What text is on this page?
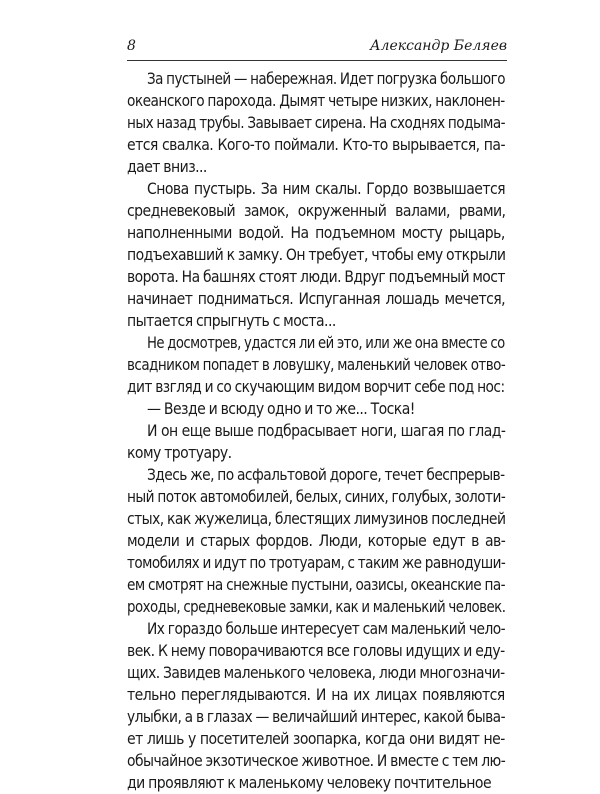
8	Александр Беляев
За пустыней — набережная. Идет погрузка большого
океанского парохода. Дымят четыре низких, наклонен-
ных назад трубы. Завывает сирена. На сходнях подыма-
ется свалка. Кого-то поймали. Кто-то вырывается, па-
дает вниз...
Снова пустырь. За ним скалы. Гордо возвышается
средневековый замок, окруженный валами, рвами,
наполненными водой. На подъемном мосту рыцарь,
подъехавший к замку. Он требует, чтобы ему открыли
ворота. На башнях стоят люди. Вдруг подъемный мост
начинает подниматься. Испуганная лошадь мечется,
пытается спрыгнуть с моста...
Не досмотрев, удастся ли ей это, или же она вместе со
всадником попадет в ловушку, маленький человек отво-
дит взгляд и со скучающим видом ворчит себе под нос:
— Везде и всюду одно и то же... Тоска!
И он еще выше подбрасывает ноги, шагая по глад-
кому тротуару.
Здесь же, по асфальтовой дороге, течет беспрерыв-
ный поток автомобилей, белых, синих, голубых, золоти-
стых, как жужелица, блестящих лимузинов последней
модели и старых фордов. Люди, которые едут в ав-
томобилях и идут по тротуарам, с таким же равнодуши-
ем смотрят на снежные пустыни, оазисы, океанские па-
роходы, средневековые замки, как и маленький человек.
Их гораздо больше интересует сам маленький чело-
век. К нему поворачиваются все головы идущих и еду-
щих. Завидев маленького человека, люди многозначи-
тельно переглядываются. И на их лицах появляются
улыбки, а в глазах — величайший интерес, какой быва-
ет лишь у посетителей зоопарка, когда они видят не-
обычайное экзотическое животное. И вместе с тем лю-
ди проявляют к маленькому человеку почтительное
